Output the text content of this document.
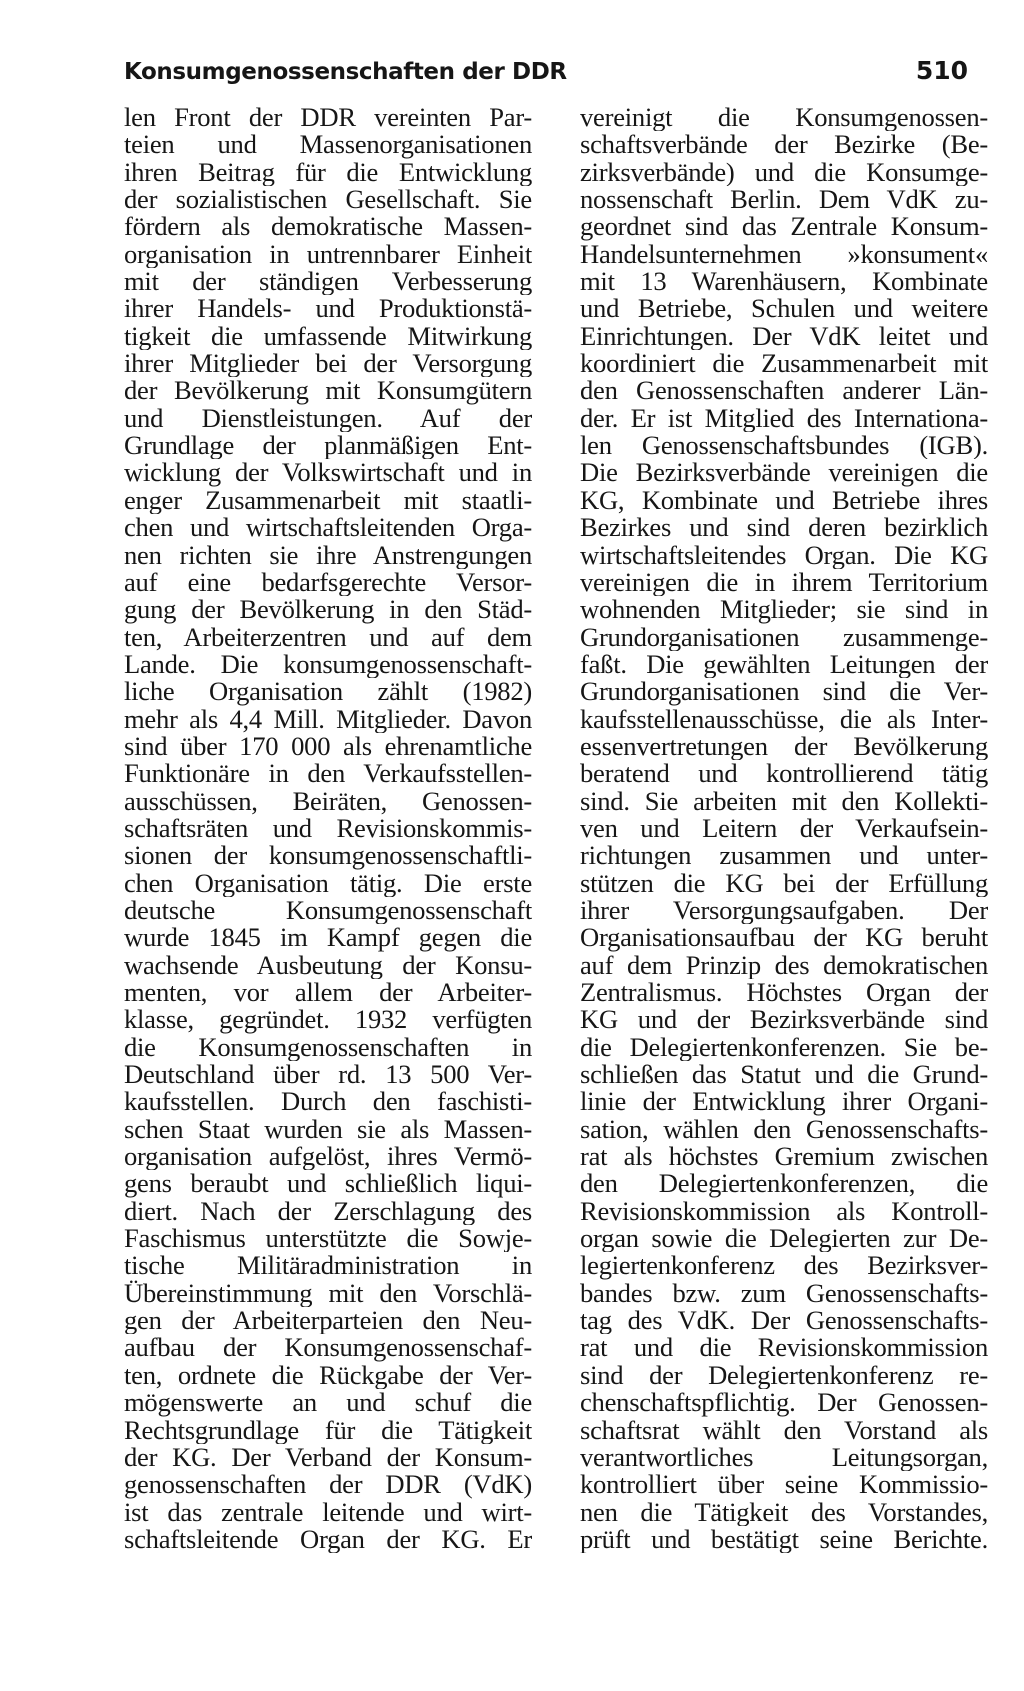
Konsumgenossenschaften der DDR	510
len Front der DDR vereinten Par-
teien und Massenorganisationen
ihren Beitrag für die Entwicklung
der sozialistischen Gesellschaft. Sie
fördern als demokratische Massen-
organisation in untrennbarer Einheit
mit der ständigen Verbesserung
ihrer Handels- und Produktionstä-
tigkeit die umfassende Mitwirkung
ihrer Mitglieder bei der Versorgung
der Bevölkerung mit Konsumgütern
und Dienstleistungen. Auf der
Grundlage der planmäßigen Ent-
wicklung der Volkswirtschaft und in
enger Zusammenarbeit mit staatli-
chen und wirtschaftsleitenden Orga-
nen richten sie ihre Anstrengungen
auf eine bedarfsgerechte Versor-
gung der Bevölkerung in den Städ-
ten, Arbeiterzentren und auf dem
Lande. Die konsumgenossenschaft-
liche Organisation zählt (1982)
mehr als 4,4 Mill. Mitglieder. Davon
sind über 170 000 als ehrenamtliche
Funktionäre in den Verkaufsstellen-
ausschüssen, Beiräten, Genossen-
schaftsräten und Revisionskommis-
sionen der konsumgenossenschaftli-
chen Organisation tätig. Die erste
deutsche Konsumgenossenschaft
wurde 1845 im Kampf gegen die
wachsende Ausbeutung der Konsu-
menten, vor allem der Arbeiter-
klasse, gegründet. 1932 verfügten
die Konsumgenossenschaften in
Deutschland über rd. 13 500 Ver-
kaufsstellen. Durch den faschisti-
schen Staat wurden sie als Massen-
organisation aufgelöst, ihres Vermö-
gens beraubt und schließlich liqui-
diert. Nach der Zerschlagung des
Faschismus unterstützte die Sowje-
tische Militäradministration in
Übereinstimmung mit den Vorschlä-
gen der Arbeiterparteien den Neu-
aufbau der Konsumgenossenschaf-
ten, ordnete die Rückgabe der Ver-
mögenswerte an und schuf die
Rechtsgrundlage für die Tätigkeit
der KG. Der Verband der Konsum-
genossenschaften der DDR (VdK)
ist das zentrale leitende und wirt-
schaftsleitende Organ der KG. Er
vereinigt die Konsumgenossen-
schaftsverbände der Bezirke (Be-
zirksverbände) und die Konsumge-
nossenschaft Berlin. Dem VdK zu-
geordnet sind das Zentrale Konsum-
Handelsunternehmen »konsument«
mit 13 Warenhäusern, Kombinate
und Betriebe, Schulen und weitere
Einrichtungen. Der VdK leitet und
koordiniert die Zusammenarbeit mit
den Genossenschaften anderer Län-
der. Er ist Mitglied des Internationa-
len Genossenschaftsbundes (IGB).
Die Bezirksverbände vereinigen die
KG, Kombinate und Betriebe ihres
Bezirkes und sind deren bezirklich
wirtschaftsleitendes Organ. Die KG
vereinigen die in ihrem Territorium
wohnenden Mitglieder; sie sind in
Grundorganisationen zusammenge-
faßt. Die gewählten Leitungen der
Grundorganisationen sind die Ver-
kaufsstellenausschüsse, die als Inter-
essenvertretungen der Bevölkerung
beratend und kontrollierend tätig
sind. Sie arbeiten mit den Kollekti-
ven und Leitern der Verkaufsein-
richtungen zusammen und unter-
stützen die KG bei der Erfüllung
ihrer Versorgungsaufgaben. Der
Organisationsaufbau der KG beruht
auf dem Prinzip des demokratischen
Zentralismus. Höchstes Organ der
KG und der Bezirksverbände sind
die Delegiertenkonferenzen. Sie be-
schließen das Statut und die Grund-
linie der Entwicklung ihrer Organi-
sation, wählen den Genossenschafts-
rat als höchstes Gremium zwischen
den Delegiertenkonferenzen, die
Revisionskommission als Kontroll-
organ sowie die Delegierten zur De-
legiertenkonferenz des Bezirksver-
bandes bzw. zum Genossenschafts-
tag des VdK. Der Genossenschafts-
rat und die Revisionskommission
sind der Delegiertenkonferenz re-
chenschaftspflichtig. Der Genossen-
schaftsrat wählt den Vorstand als
verantwortliches Leitungsorgan,
kontrolliert über seine Kommissio-
nen die Tätigkeit des Vorstandes,
prüft und bestätigt seine Berichte.
